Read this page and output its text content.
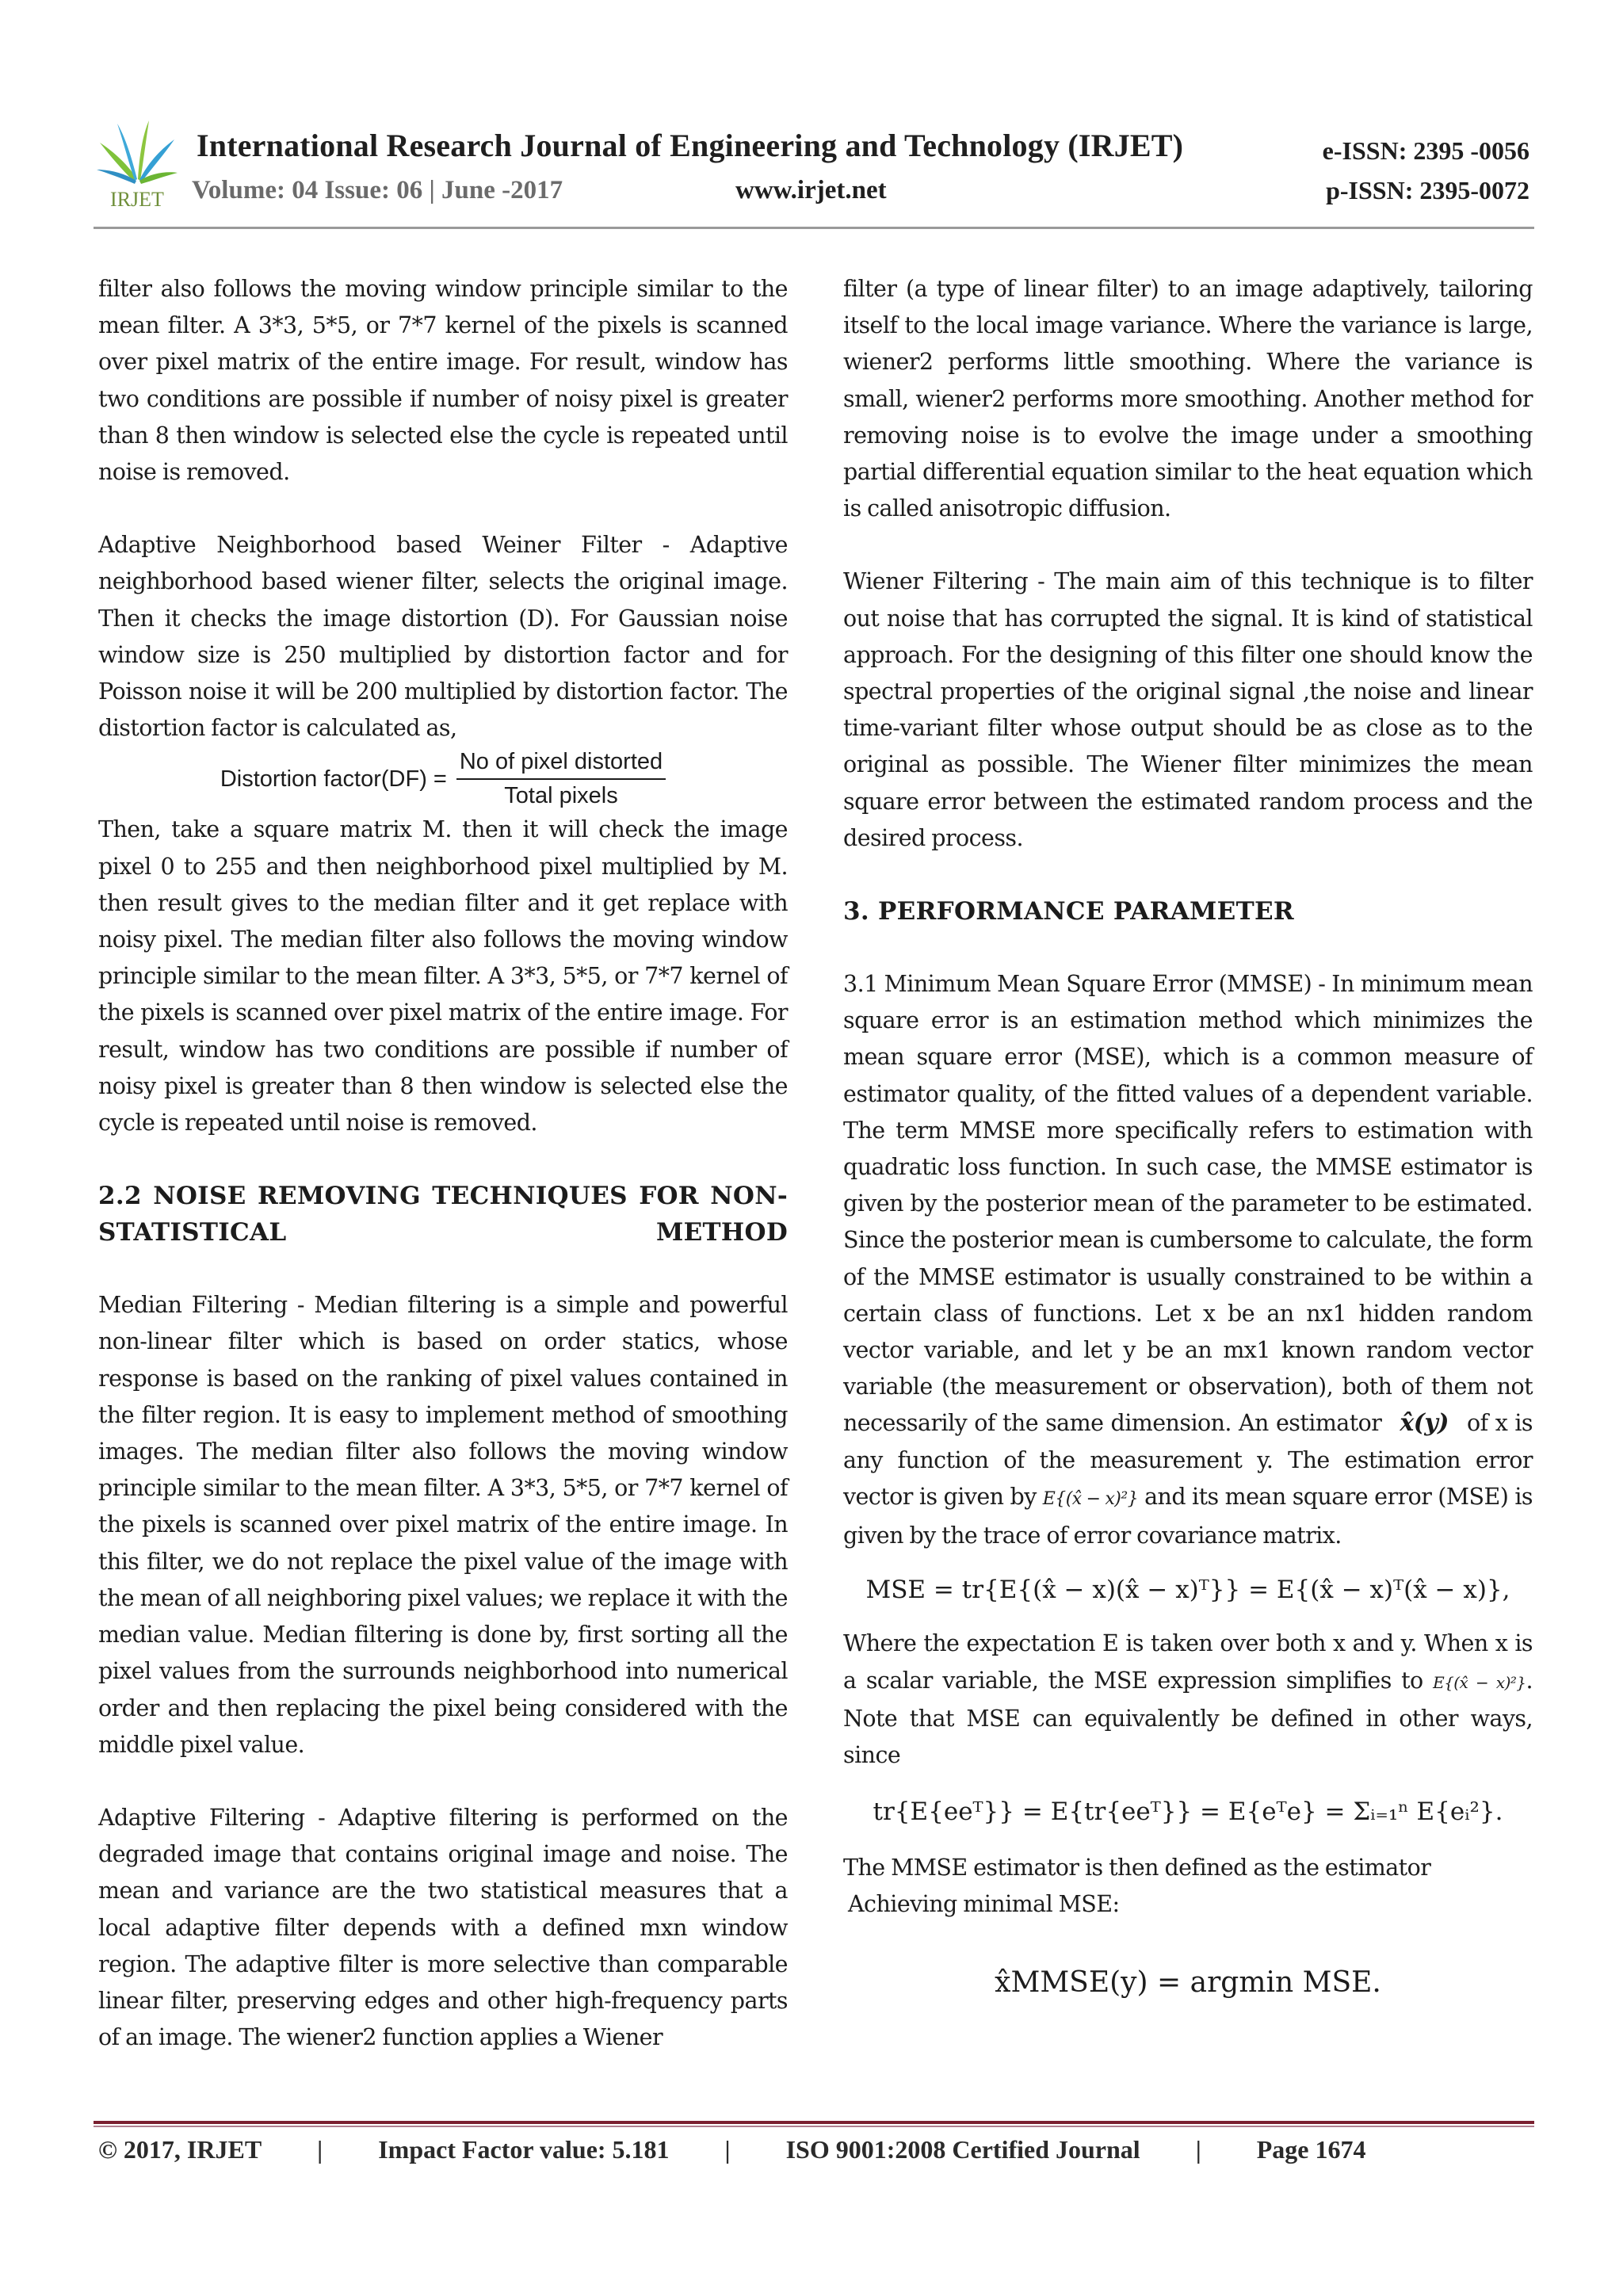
IRJET
International Research Journal of Engineering and Technology (IRJET)	e-ISSN: 2395 -0056
Volume: 04 Issue: 06 | June -2017	www.irjet.net	p-ISSN: 2395-0072

filter also follows the moving window principle similar to the mean filter. A 3*3, 5*5, or 7*7 kernel of the pixels is scanned over pixel matrix of the entire image. For result, window has two conditions are possible if number of noisy pixel is greater than 8 then window is selected else the cycle is repeated until noise is removed.

Adaptive Neighborhood based Weiner Filter - Adaptive neighborhood based wiener filter, selects the original image. Then it checks the image distortion (D). For Gaussian noise window size is 250 multiplied by distortion factor and for Poisson noise it will be 200 multiplied by distortion factor. The distortion factor is calculated as,

Distortion factor(DF) =
No of pixel distorted
Total pixels

Then, take a square matrix M. then it will check the image pixel 0 to 255 and then neighborhood pixel multiplied by M. then result gives to the median filter and it get replace with noisy pixel. The median filter also follows the moving window principle similar to the mean filter. A 3*3, 5*5, or 7*7 kernel of the pixels is scanned over pixel matrix of the entire image. For result, window has two conditions are possible if number of noisy pixel is greater than 8 then window is selected else the cycle is repeated until noise is removed.

2.2 NOISE REMOVING TECHNIQUES FOR NON-
STATISTICAL METHOD

Median Filtering - Median filtering is a simple and powerful non-linear filter which is based on order statics, whose response is based on the ranking of pixel values contained in the filter region. It is easy to implement method of smoothing images. The median filter also follows the moving window principle similar to the mean filter. A 3*3, 5*5, or 7*7 kernel of the pixels is scanned over pixel matrix of the entire image. In this filter, we do not replace the pixel value of the image with the mean of all neighboring pixel values; we replace it with the median value. Median filtering is done by, first sorting all the pixel values from the surrounds neighborhood into numerical order and then replacing the pixel being considered with the middle pixel value.

Adaptive Filtering - Adaptive filtering is performed on the degraded image that contains original image and noise. The mean and variance are the two statistical measures that a local adaptive filter depends with a defined mxn window region. The adaptive filter is more selective than comparable linear filter, preserving edges and other high-frequency parts of an image. The wiener2 function applies a Wiener

filter (a type of linear filter) to an image adaptively, tailoring itself to the local image variance. Where the variance is large, wiener2 performs little smoothing. Where the variance is small, wiener2 performs more smoothing. Another method for removing noise is to evolve the image under a smoothing partial differential equation similar to the heat equation which is called anisotropic diffusion.

Wiener Filtering - The main aim of this technique is to filter out noise that has corrupted the signal. It is kind of statistical approach. For the designing of this filter one should know the spectral properties of the original signal ,the noise and linear time-variant filter whose output should be as close as to the original as possible. The Wiener filter minimizes the mean square error between the estimated random process and the desired process.

3. PERFORMANCE PARAMETER

3.1 Minimum Mean Square Error (MMSE) - In minimum mean square error is an estimation method which minimizes the mean square error (MSE), which is a common measure of estimator quality, of the fitted values of a dependent variable. The term MMSE more specifically refers to estimation with quadratic loss function. In such case, the MMSE estimator is given by the posterior mean of the parameter to be estimated. Since the posterior mean is cumbersome to calculate, the form of the MMSE estimator is usually constrained to be within a certain class of functions. Let x be an nx1 hidden random vector variable, and let y be an mx1 known random vector variable (the measurement or observation), both of them not necessarily of the same dimension. An estimator x̂(y) of x is any function of the measurement y. The estimation error vector is given by E{(x̂ − x)²} and its mean square error (MSE) is given by the trace of error covariance matrix.

MSE = tr{E{(x̂ − x)(x̂ − x)ᵀ}} = E{(x̂ − x)ᵀ(x̂ − x)},

Where the expectation E is taken over both x and y. When x is a scalar variable, the MSE expression simplifies to E{(x̂ − x)²}. Note that MSE can equivalently be defined in other ways, since

tr{E{eeᵀ}} = E{tr{eeᵀ}} = E{eᵀe} = Σᵢ₌₁ⁿ E{eᵢ²}.

The MMSE estimator is then defined as the estimator
Achieving minimal MSE:

x̂MMSE(y) = argmin MSE.
© 2017, IRJET | Impact Factor value: 5.181 | ISO 9001:2008 Certified Journal | Page 1674
